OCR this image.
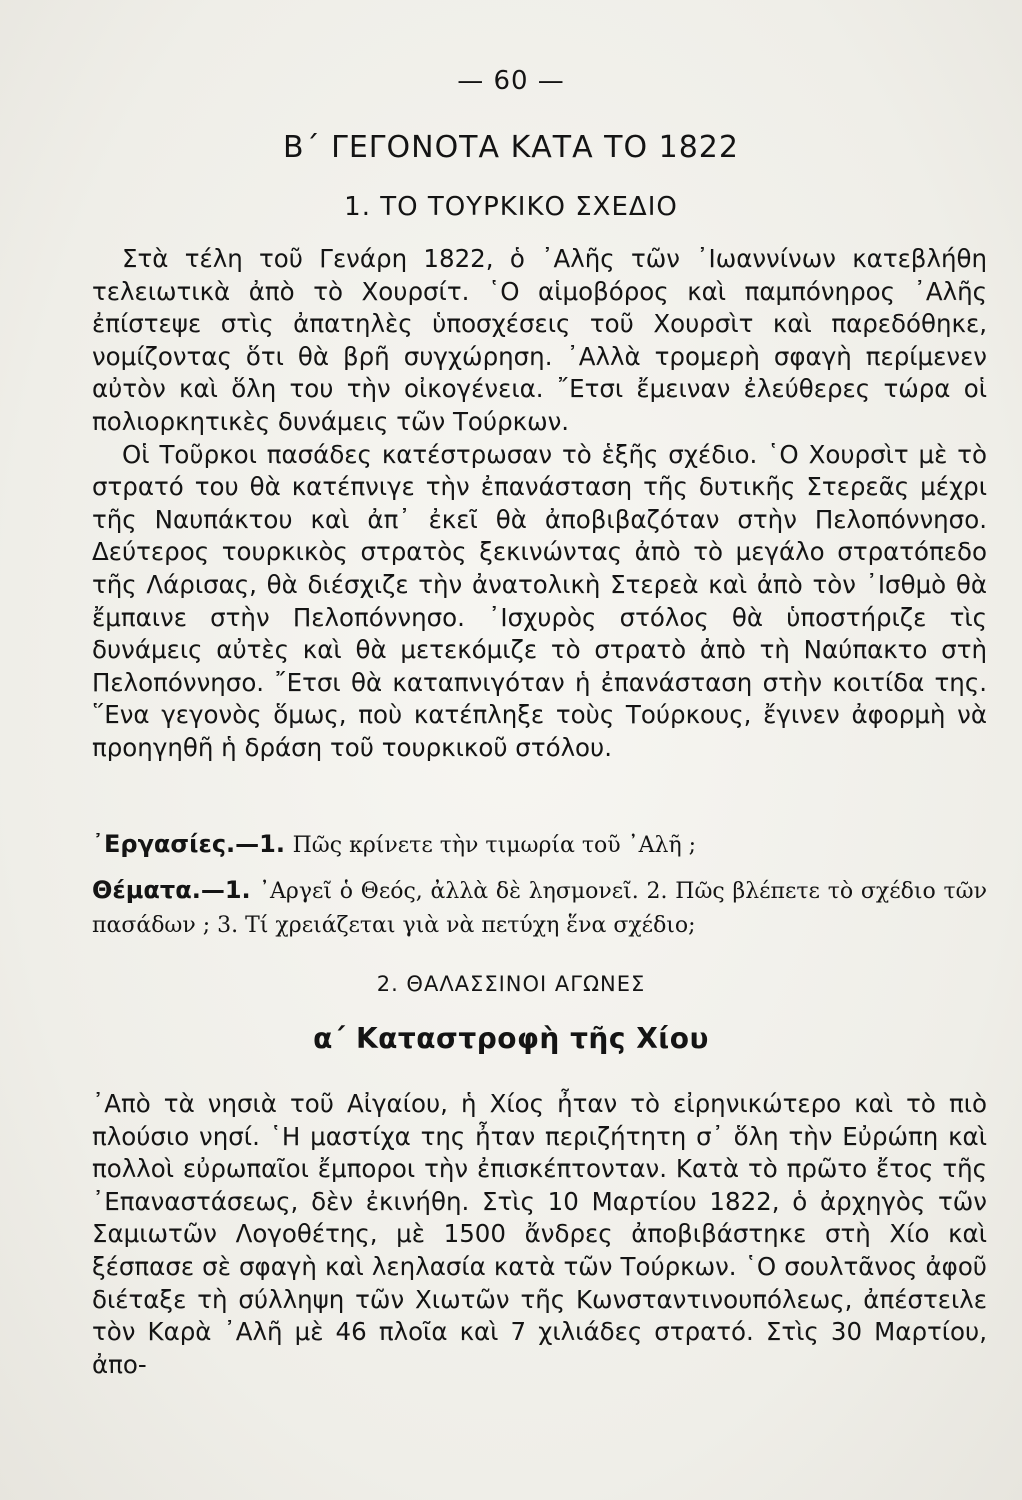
— 60 —
Β΄ ΓΕΓΟΝΟΤΑ ΚΑΤΑ ΤΟ 1822
1. ΤΟ ΤΟΥΡΚΙΚΟ ΣΧΕΔΙΟ

Στὰ τέλη τοῦ Γενάρη 1822, ὁ ᾿Αλῆς τῶν ᾿Ιωαννίνων κατεβλήθη τελειωτικὰ ἀπὸ τὸ Χουρσίτ. ῾Ο αἱμοβόρος καὶ παμπόνηρος ᾿Αλῆς ἐπίστεψε στὶς ἀπατηλὲς ὑποσχέσεις τοῦ Χουρσὶτ καὶ παρεδόθηκε, νομίζοντας ὅτι θὰ βρῆ συγχώρηση. ᾿Αλλὰ τρομερὴ σφαγὴ περίμενεν αὐτὸν καὶ ὅλη του τὴν οἰκογένεια. ῎Ετσι ἔμειναν ἐλεύθερες τώρα οἱ πολιορκητικὲς δυνάμεις τῶν Τούρκων.

Οἱ Τοῦρκοι πασάδες κατέστρωσαν τὸ ἑξῆς σχέδιο. ῾Ο Χουρσὶτ μὲ τὸ στρατό του θὰ κατέπνιγε τὴν ἐπανάσταση τῆς δυτικῆς Στερεᾶς μέχρι τῆς Ναυπάκτου καὶ ἀπ᾿ ἐκεῖ θὰ ἀποβιβαζόταν στὴν Πελοπόννησο. Δεύτερος τουρκικὸς στρατὸς ξεκινώντας ἀπὸ τὸ μεγάλο στρατόπεδο τῆς Λάρισας, θὰ διέσχιζε τὴν ἀνατολικὴ Στερεὰ καὶ ἀπὸ τὸν ᾿Ισθμὸ θὰ ἔμπαινε στὴν Πελοπόννησο. ᾿Ισχυρὸς στόλος θὰ ὑποστήριζε τὶς δυνάμεις αὐτὲς καὶ θὰ μετεκόμιζε τὸ στρατὸ ἀπὸ τὴ Ναύπακτο στὴ Πελοπόννησο. ῎Ετσι θὰ καταπνιγόταν ἡ ἐπανάσταση στὴν κοιτίδα της. ῞Ενα γεγονὸς ὅμως, ποὺ κατέπληξε τοὺς Τούρκους, ἔγινεν ἀφορμὴ νὰ προηγηθῆ ἡ δράση τοῦ τουρκικοῦ στόλου.

᾿Εργασίες.—1. Πῶς κρίνετε τὴν τιμωρία τοῦ ᾿Αλῆ ;
Θέματα.—1. ᾿Αργεῖ ὁ Θεός, ἀλλὰ δὲ λησμονεῖ. 2. Πῶς βλέπετε τὸ σχέδιο τῶν πασάδων ; 3. Τί χρειάζεται γιὰ νὰ πετύχη ἕνα σχέδιο;
2. ΘΑΛΑΣΣΙΝΟΙ ΑΓΩΝΕΣ
α΄ Καταστροφὴ τῆς Χίου

᾿Απὸ τὰ νησιὰ τοῦ Αἰγαίου, ἡ Χίος ἦταν τὸ εἰρηνικώτερο καὶ τὸ πιὸ πλούσιο νησί. ῾Η μαστίχα της ἦταν περιζήτητη σ᾿ ὅλη τὴν Εὐρώπη καὶ πολλοὶ εὐρωπαῖοι ἔμποροι τὴν ἐπισκέπτονταν. Κατὰ τὸ πρῶτο ἔτος τῆς ᾿Επαναστάσεως, δὲν ἐκινήθη. Στὶς 10 Μαρτίου 1822, ὁ ἀρχηγὸς τῶν Σαμιωτῶν Λογοθέτης, μὲ 1500 ἄνδρες ἀποβιβάστηκε στὴ Χίο καὶ ξέσπασε σὲ σφαγὴ καὶ λεηλασία κατὰ τῶν Τούρκων. ῾Ο σουλτᾶνος ἀφοῦ διέταξε τὴ σύλληψη τῶν Χιωτῶν τῆς Κωνσταντινουπόλεως, ἀπέστειλε τὸν Καρὰ ᾿Αλῆ μὲ 46 πλοῖα καὶ 7 χιλιάδες στρατό. Στὶς 30 Μαρτίου, ἀπο-
